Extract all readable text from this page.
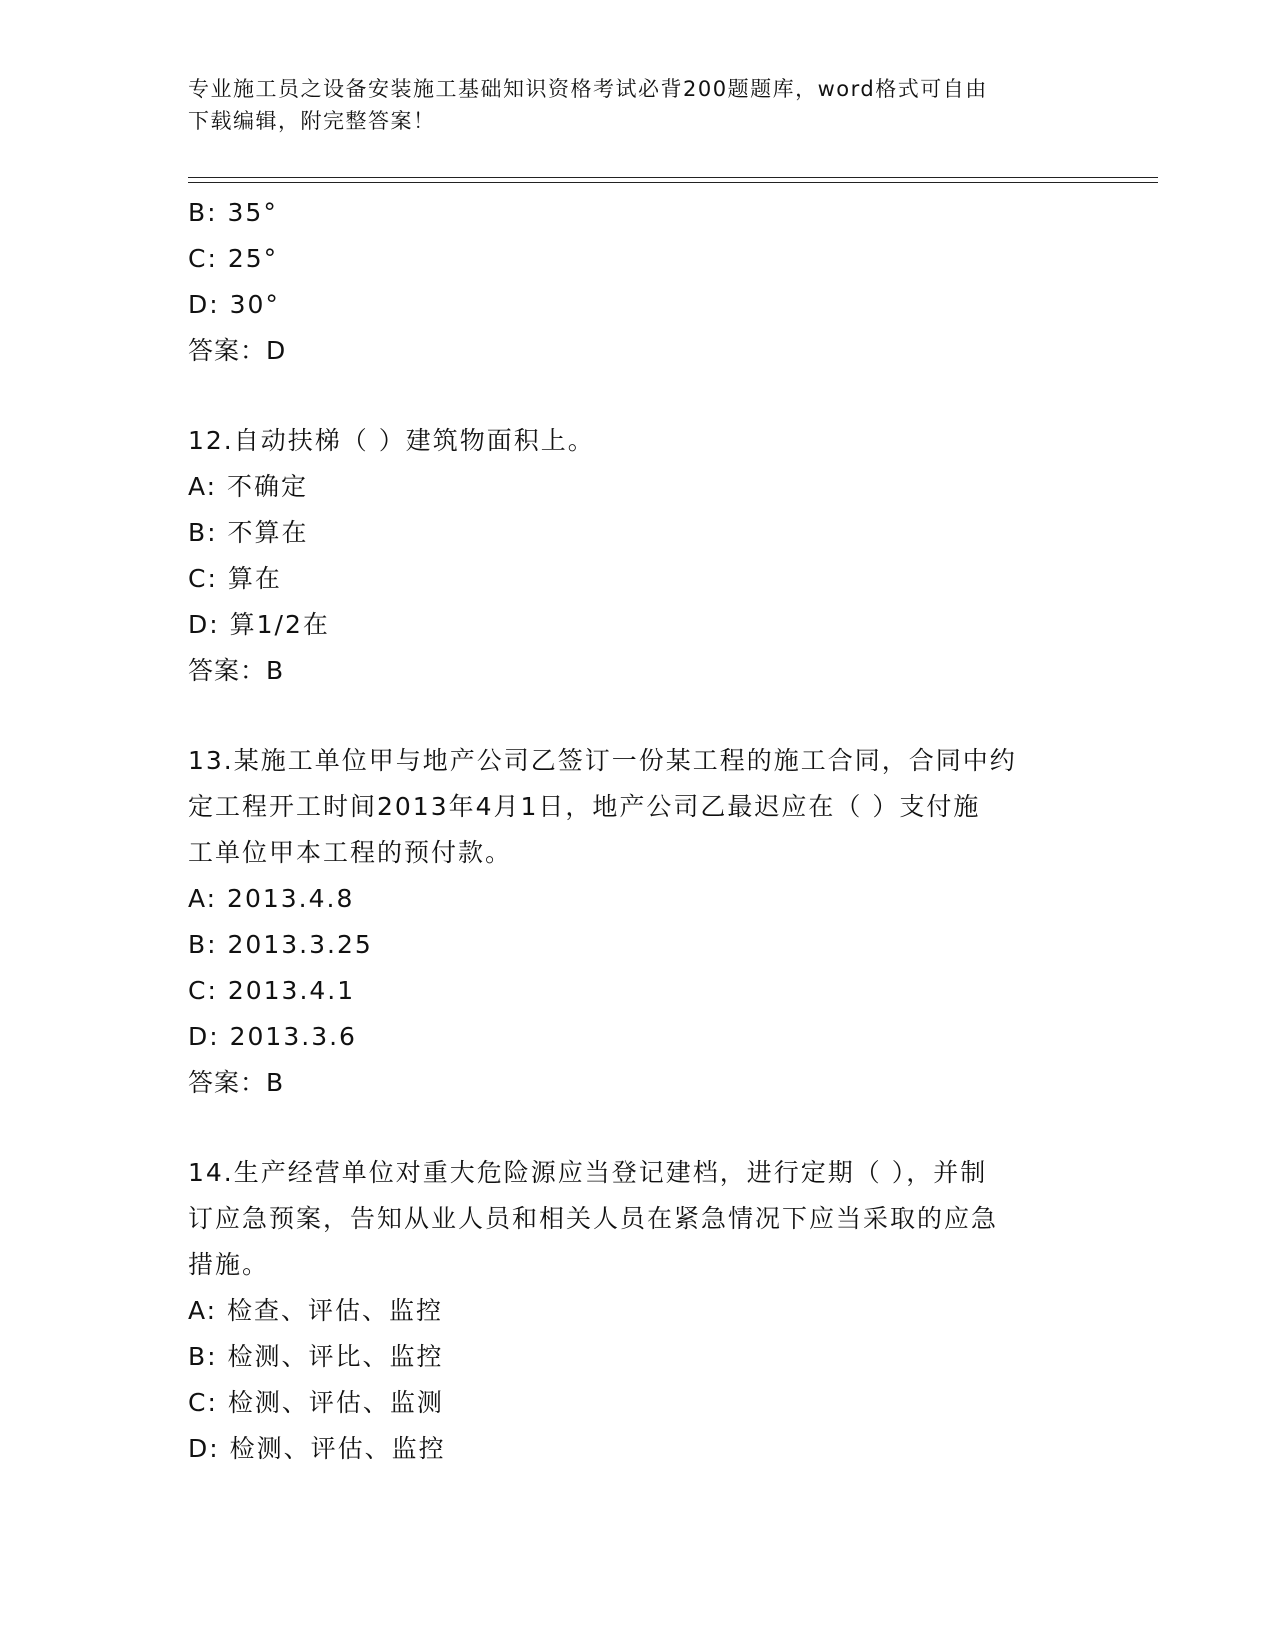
专业施工员之设备安装施工基础知识资格考试必背200题题库，word格式可自由
下载编辑，附完整答案！
B: 35°
C: 25°
D: 30°
答案：D
12.自动扶梯（ ）建筑物面积上。
A: 不确定
B: 不算在
C: 算在
D: 算1/2在
答案：B
13.某施工单位甲与地产公司乙签订一份某工程的施工合同，合同中约
定工程开工时间2013年4月1日，地产公司乙最迟应在（ ）支付施
工单位甲本工程的预付款。
A: 2013.4.8
B: 2013.3.25
C: 2013.4.1
D: 2013.3.6
答案：B
14.生产经营单位对重大危险源应当登记建档，进行定期（ ），并制
订应急预案，告知从业人员和相关人员在紧急情况下应当采取的应急
措施。
A: 检查、评估、监控
B: 检测、评比、监控
C: 检测、评估、监测
D: 检测、评估、监控
